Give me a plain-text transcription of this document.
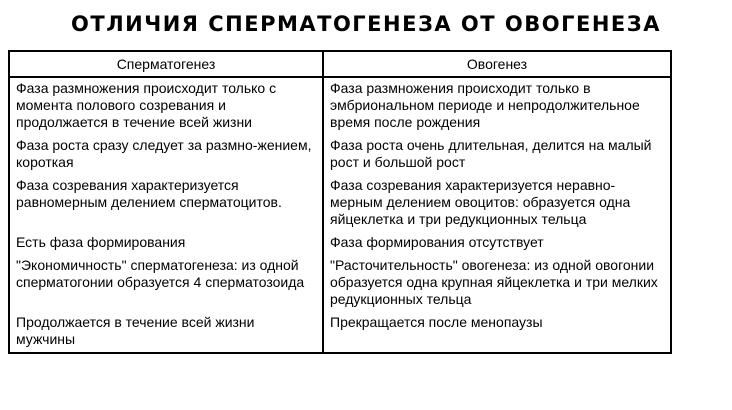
ОТЛИЧИЯ СПЕРМАТОГЕНЕЗА ОТ ОВОГЕНЕЗА
Сперматогенез	Овогенез
Фаза размножения происходит только с момента полового созревания и продолжается в течение всей жизни	Фаза размножения происходит только в эмбриональном периоде и непродолжительное время после рождения
Фаза роста сразу следует за размно-жением, короткая	Фаза роста очень длительная, делится на малый рост и большой рост
Фаза созревания характеризуется равномерным делением сперматоцитов.	Фаза созревания характеризуется неравно-мерным делением овоцитов: образуется одна яйцеклетка и три редукционных тельца
Есть фаза формирования	Фаза формирования отсутствует
"Экономичность" сперматогенеза: из одной сперматогонии образуется 4 сперматозоида	"Расточительность" овогенеза: из одной овогонии образуется одна крупная яйцеклетка и три мелких редукционных тельца
Продолжается в течение всей жизни мужчины	Прекращается после менопаузы
